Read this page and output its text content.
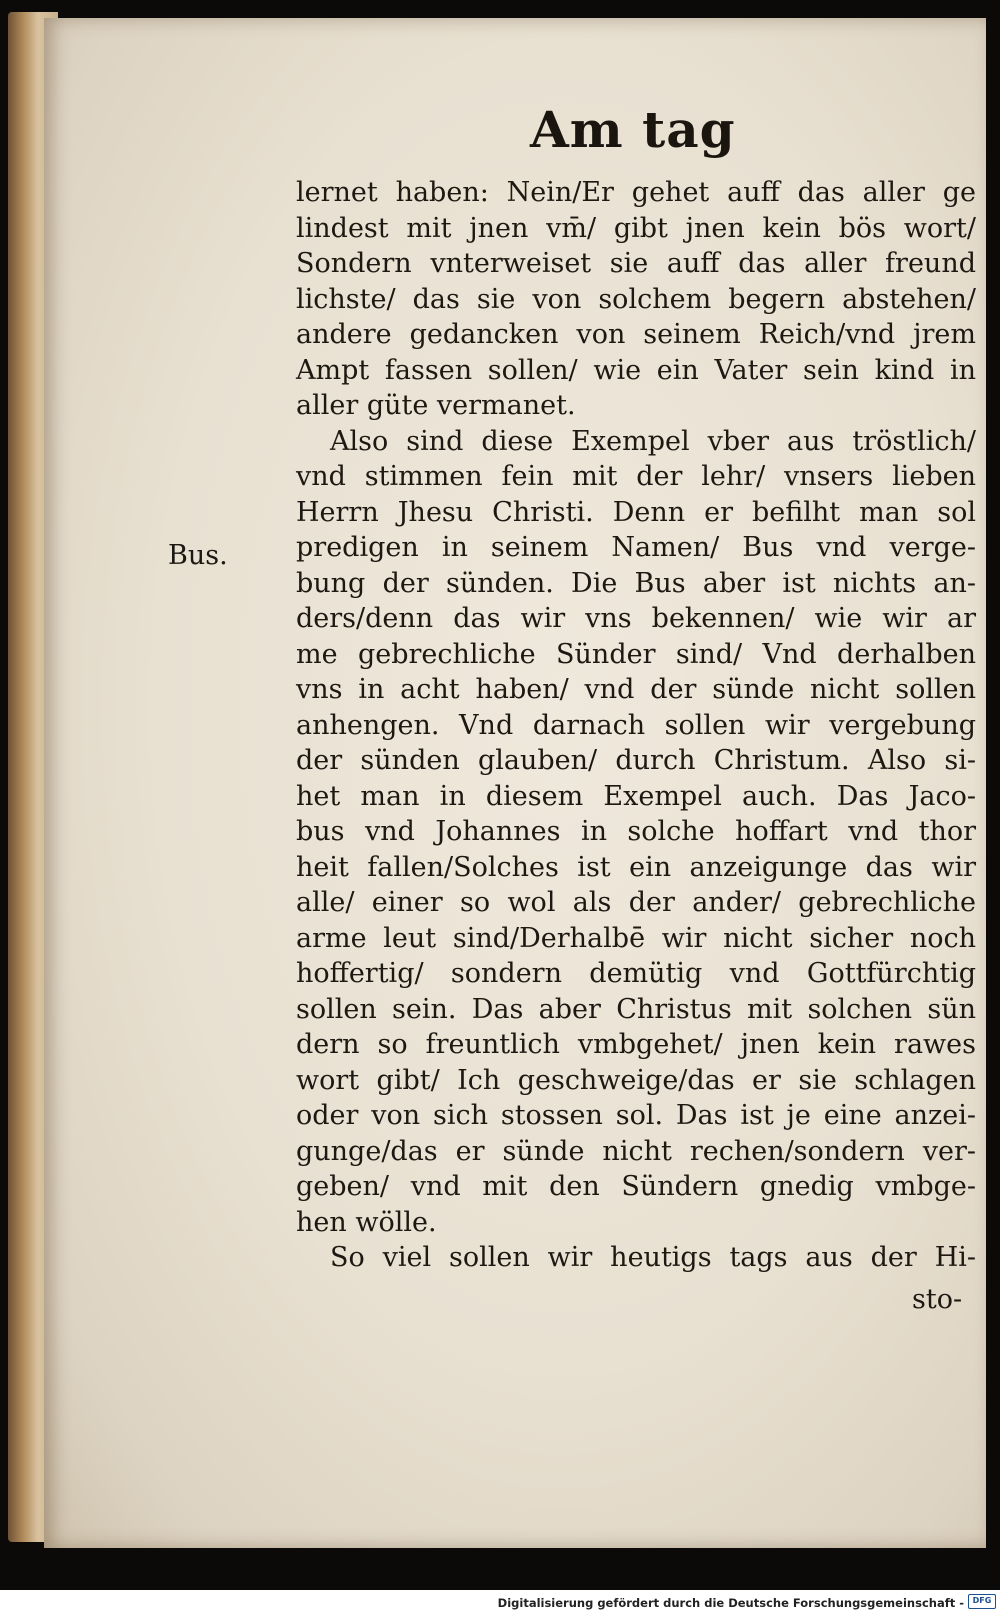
Am tag
Bus.
lernet haben: Nein/Er gehet auff das aller ge
lindest mit jnen vm̄/ gibt jnen kein bös wort/
Sondern vnterweiset sie auff das aller freund
lichste/ das sie von solchem begern abstehen/
andere gedancken von seinem Reich/vnd jrem
Ampt fassen sollen/ wie ein Vater sein kind in
aller güte vermanet.
Also sind diese Exempel vber aus tröstlich/
vnd stimmen fein mit der lehr/ vnsers lieben
Herrn Jhesu Christi. Denn er befilht man sol
predigen in seinem Namen/ Bus vnd verge-
bung der sünden. Die Bus aber ist nichts an-
ders/denn das wir vns bekennen/ wie wir ar
me gebrechliche Sünder sind/ Vnd derhalben
vns in acht haben/ vnd der sünde nicht sollen
anhengen. Vnd darnach sollen wir vergebung
der sünden glauben/ durch Christum. Also si-
het man in diesem Exempel auch. Das Jaco-
bus vnd Johannes in solche hoffart vnd thor
heit fallen/Solches ist ein anzeigunge das wir
alle/ einer so wol als der ander/ gebrechliche
arme leut sind/Derhalbē wir nicht sicher noch
hoffertig/ sondern demütig vnd Gottfürchtig
sollen sein. Das aber Christus mit solchen sün
dern so freuntlich vmbgehet/ jnen kein rawes
wort gibt/ Ich geschweige/das er sie schlagen
oder von sich stossen sol. Das ist je eine anzei-
gunge/das er sünde nicht rechen/sondern ver-
geben/ vnd mit den Sündern gnedig vmbge-
hen wölle.
So viel sollen wir heutigs tags aus der Hi-
sto-
Digitalisierung gefördert durch die Deutsche Forschungsgemeinschaft -	DFG
